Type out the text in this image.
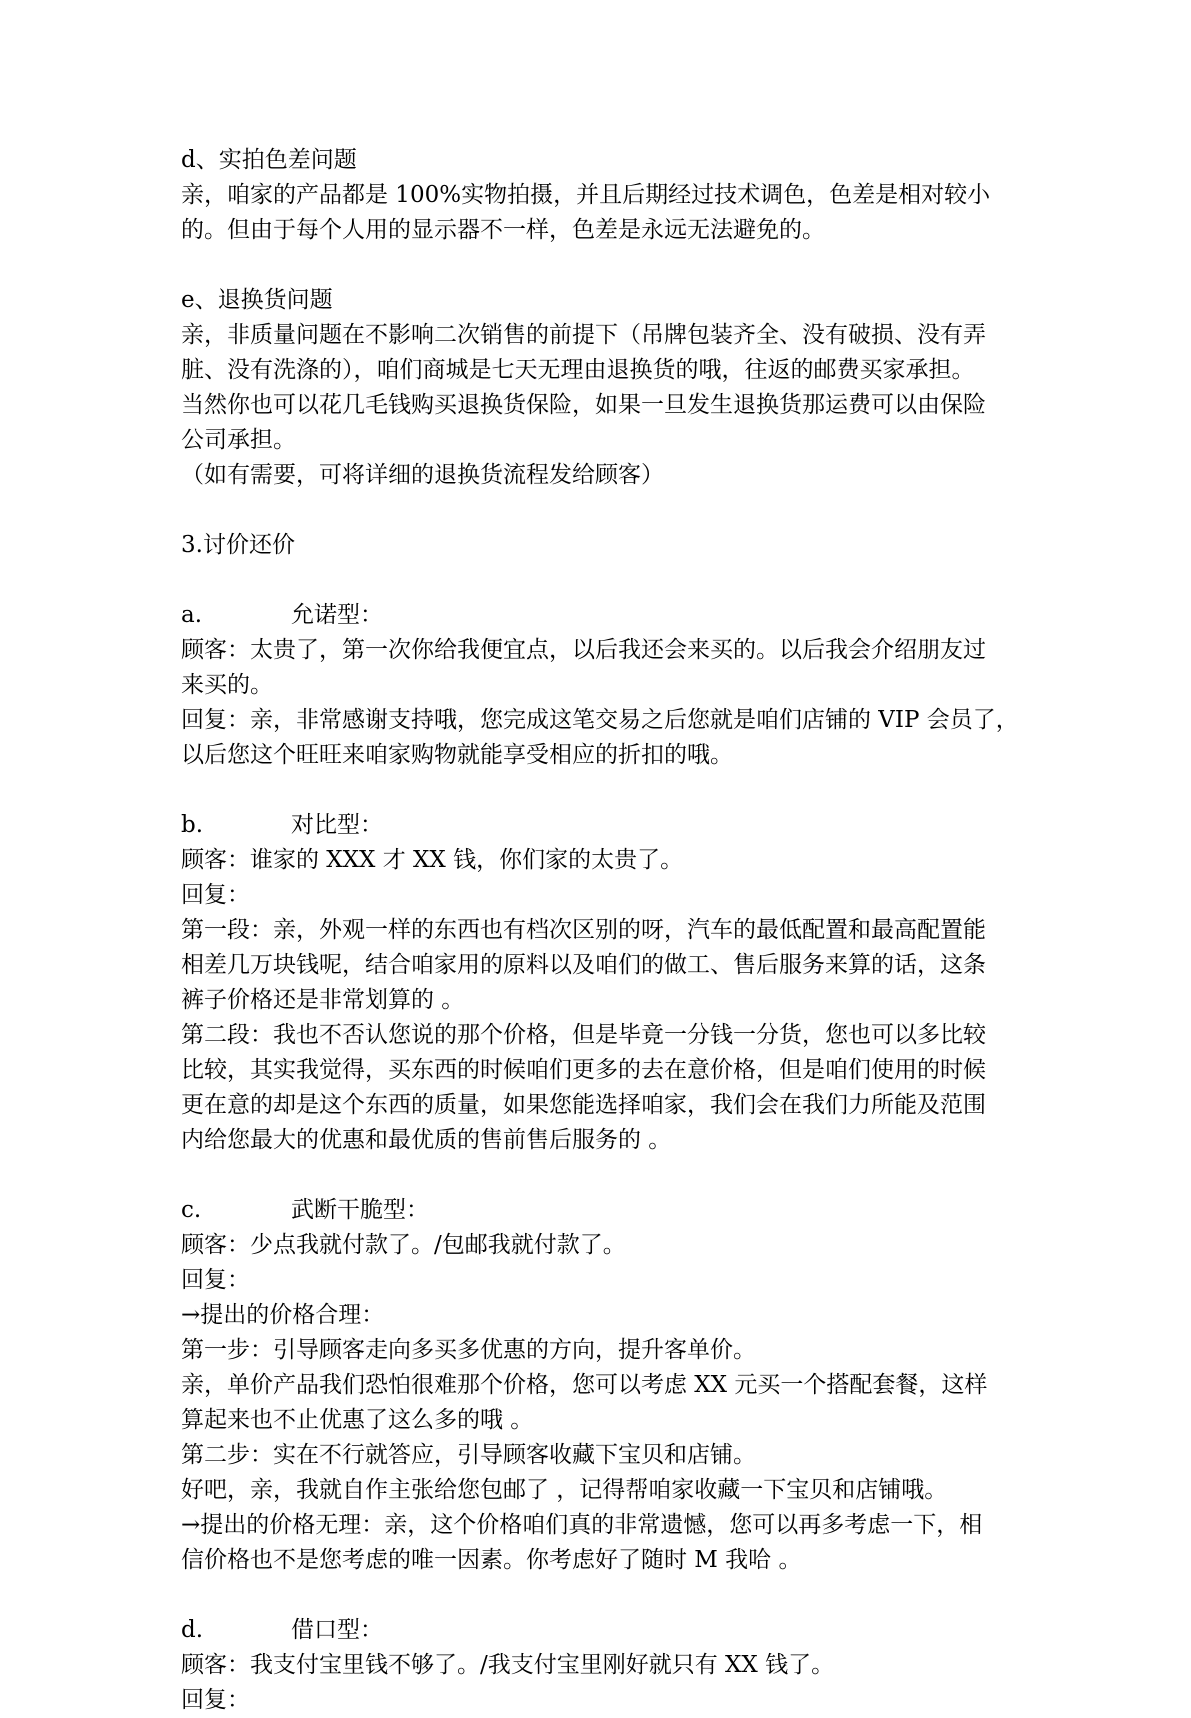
d、实拍色差问题
亲，咱家的产品都是 100%实物拍摄，并且后期经过技术调色，色差是相对较小
的。但由于每个人用的显示器不一样，色差是永远无法避免的。
e、退换货问题
亲，非质量问题在不影响二次销售的前提下（吊牌包装齐全、没有破损、没有弄
脏、没有洗涤的），咱们商城是七天无理由退换货的哦，往返的邮费买家承担。
当然你也可以花几毛钱购买退换货保险，如果一旦发生退换货那运费可以由保险
公司承担。
（如有需要，可将详细的退换货流程发给顾客）
3.讨价还价
a.	允诺型：
顾客：太贵了，第一次你给我便宜点，以后我还会来买的。以后我会介绍朋友过
来买的。
回复：亲，非常感谢支持哦，您完成这笔交易之后您就是咱们店铺的 VIP 会员了，
以后您这个旺旺来咱家购物就能享受相应的折扣的哦。
b.	对比型：
顾客：谁家的 XXX 才 XX 钱，你们家的太贵了。
回复：
第一段：亲，外观一样的东西也有档次区别的呀，汽车的最低配置和最高配置能
相差几万块钱呢，结合咱家用的原料以及咱们的做工、售后服务来算的话，这条
裤子价格还是非常划算的 。
第二段：我也不否认您说的那个价格，但是毕竟一分钱一分货，您也可以多比较
比较，其实我觉得，买东西的时候咱们更多的去在意价格，但是咱们使用的时候
更在意的却是这个东西的质量，如果您能选择咱家，我们会在我们力所能及范围
内给您最大的优惠和最优质的售前售后服务的 。
c.	武断干脆型：
顾客：少点我就付款了。/包邮我就付款了。
回复：
→提出的价格合理：
第一步：引导顾客走向多买多优惠的方向，提升客单价。
亲，单价产品我们恐怕很难那个价格，您可以考虑 XX 元买一个搭配套餐，这样
算起来也不止优惠了这么多的哦 。
第二步：实在不行就答应，引导顾客收藏下宝贝和店铺。
好吧，亲，我就自作主张给您包邮了 ，记得帮咱家收藏一下宝贝和店铺哦。
→提出的价格无理：亲，这个价格咱们真的非常遗憾，您可以再多考虑一下，相
信价格也不是您考虑的唯一因素。你考虑好了随时 M 我哈 。
d.	借口型：
顾客：我支付宝里钱不够了。/我支付宝里刚好就只有 XX 钱了。
回复：
